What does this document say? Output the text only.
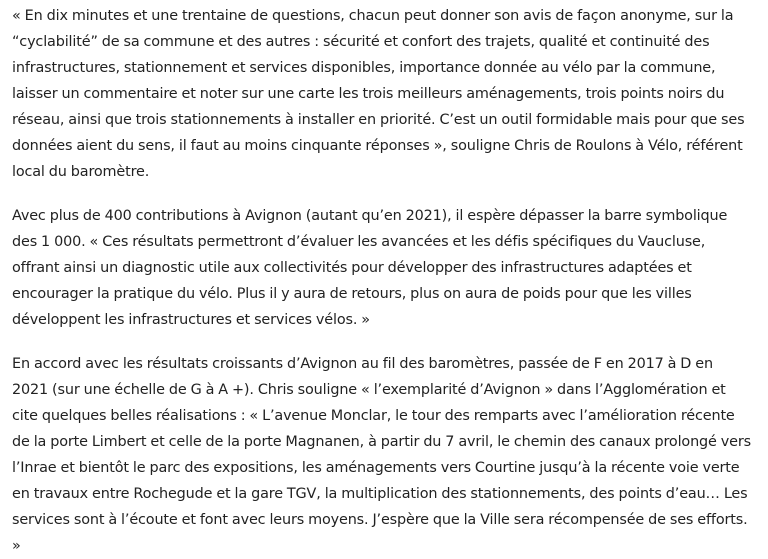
« En dix minutes et une trentaine de questions, chacun peut donner son avis de façon anonyme, sur la “cyclabilité” de sa commune et des autres : sécurité et confort des trajets, qualité et continuité des infrastructures, stationnement et services disponibles, importance donnée au vélo par la commune, laisser un commentaire et noter sur une carte les trois meilleurs aménagements, trois points noirs du réseau, ainsi que trois stationnements à installer en priorité. C’est un outil formidable mais pour que ses données aient du sens, il faut au moins cinquante réponses », souligne Chris de Roulons à Vélo, référent local du baromètre.

Avec plus de 400 contributions à Avignon (autant qu’en 2021), il espère dépasser la barre symbolique des 1 000. « Ces résultats permettront d’évaluer les avancées et les défis spécifiques du Vaucluse, offrant ainsi un diagnostic utile aux collectivités pour développer des infrastructures adaptées et encourager la pratique du vélo. Plus il y aura de retours, plus on aura de poids pour que les villes développent les infrastructures et services vélos. »

En accord avec les résultats croissants d’Avignon au fil des baromètres, passée de F en 2017 à D en 2021 (sur une échelle de G à A +). Chris souligne « l’exemplarité d’Avignon » dans l’Agglomération et cite quelques belles réalisations : « L’avenue Monclar, le tour des remparts avec l’amélioration récente de la porte Limbert et celle de la porte Magnanen, à partir du 7 avril, le chemin des canaux prolongé vers l’Inrae et bientôt le parc des expositions, les aménagements vers Courtine jusqu’à la récente voie verte en travaux entre Rochegude et la gare TGV, la multiplication des stationnements, des points d’eau… Les services sont à l’écoute et font avec leurs moyens. J’espère que la Ville sera récompensée de ses efforts. »
